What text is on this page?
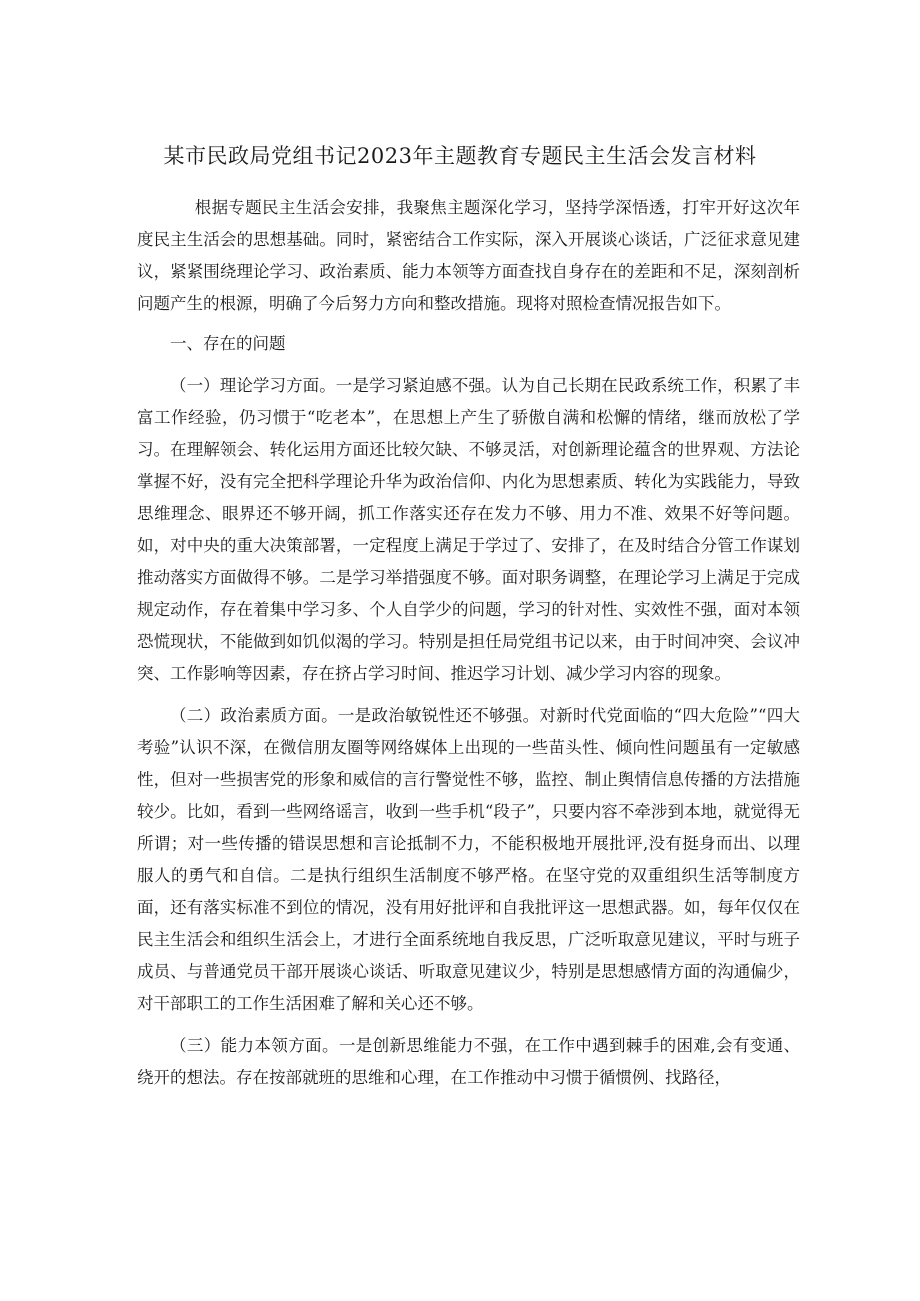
某市民政局党组书记2023年主题教育专题民主生活会发言材料

根据专题民主生活会安排，我聚焦主题深化学习，坚持学深悟透，打牢开好这次年度民主生活会的思想基础。同时，紧密结合工作实际，深入开展谈心谈话，广泛征求意见建议，紧紧围绕理论学习、政治素质、能力本领等方面查找自身存在的差距和不足，深刻剖析问题产生的根源，明确了今后努力方向和整改措施。现将对照检查情况报告如下。

一、存在的问题

（一）理论学习方面。一是学习紧迫感不强。认为自己长期在民政系统工作，积累了丰富工作经验，仍习惯于“吃老本”，在思想上产生了骄傲自满和松懈的情绪，继而放松了学习。在理解领会、转化运用方面还比较欠缺、不够灵活，对创新理论蕴含的世界观、方法论掌握不好，没有完全把科学理论升华为政治信仰、内化为思想素质、转化为实践能力，导致思维理念、眼界还不够开阔，抓工作落实还存在发力不够、用力不准、效果不好等问题。如，对中央的重大决策部署，一定程度上满足于学过了、安排了，在及时结合分管工作谋划推动落实方面做得不够。二是学习举措强度不够。面对职务调整，在理论学习上满足于完成规定动作，存在着集中学习多、个人自学少的问题，学习的针对性、实效性不强，面对本领恐慌现状，不能做到如饥似渴的学习。特别是担任局党组书记以来，由于时间冲突、会议冲突、工作影响等因素，存在挤占学习时间、推迟学习计划、减少学习内容的现象。

（二）政治素质方面。一是政治敏锐性还不够强。对新时代党面临的“四大危险”“四大考验”认识不深，在微信朋友圈等网络媒体上出现的一些苗头性、倾向性问题虽有一定敏感性，但对一些损害党的形象和威信的言行警觉性不够，监控、制止舆情信息传播的方法措施较少。比如，看到一些网络谣言，收到一些手机“段子”，只要内容不牵涉到本地，就觉得无所谓；对一些传播的错误思想和言论抵制不力，不能积极地开展批评,没有挺身而出、以理服人的勇气和自信。二是执行组织生活制度不够严格。在坚守党的双重组织生活等制度方面，还有落实标准不到位的情况，没有用好批评和自我批评这一思想武器。如，每年仅仅在民主生活会和组织生活会上，才进行全面系统地自我反思，广泛听取意见建议，平时与班子成员、与普通党员干部开展谈心谈话、听取意见建议少，特别是思想感情方面的沟通偏少，对干部职工的工作生活困难了解和关心还不够。

（三）能力本领方面。一是创新思维能力不强，在工作中遇到棘手的困难,会有变通、绕开的想法。存在按部就班的思维和心理，在工作推动中习惯于循惯例、找路径，
